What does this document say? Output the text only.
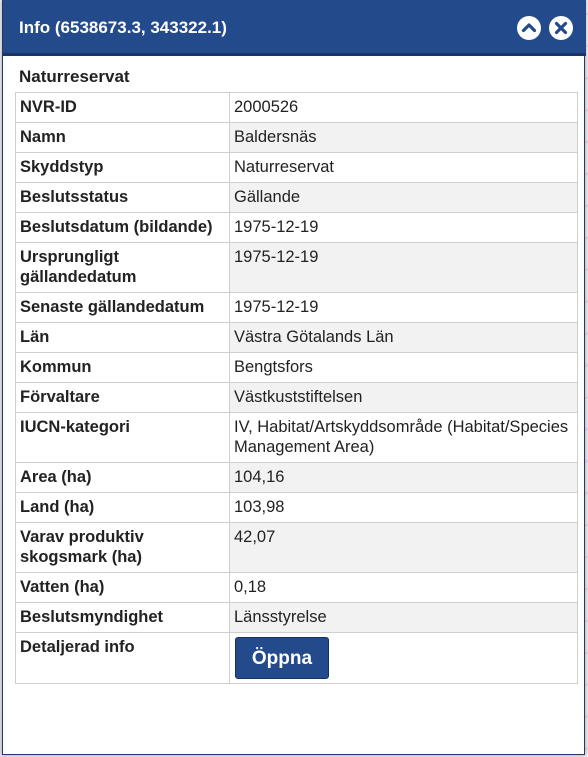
Info (6538673.3, 343322.1)
Naturreservat
NVR-ID	2000526
Namn	Baldersnäs
Skyddstyp	Naturreservat
Beslutsstatus	Gällande
Beslutsdatum (bildande)	1975-12-19
Ursprungligt gällandedatum	1975-12-19
Senaste gällandedatum	1975-12-19
Län	Västra Götalands Län
Kommun	Bengtsfors
Förvaltare	Västkuststiftelsen
IUCN-kategori	IV, Habitat/Artskyddsområde (Habitat/Species Management Area)
Area (ha)	104,16
Land (ha)	103,98
Varav produktiv skogsmark (ha)	42,07
Vatten (ha)	0,18
Beslutsmyndighet	Länsstyrelse
Detaljerad info	Öppna
